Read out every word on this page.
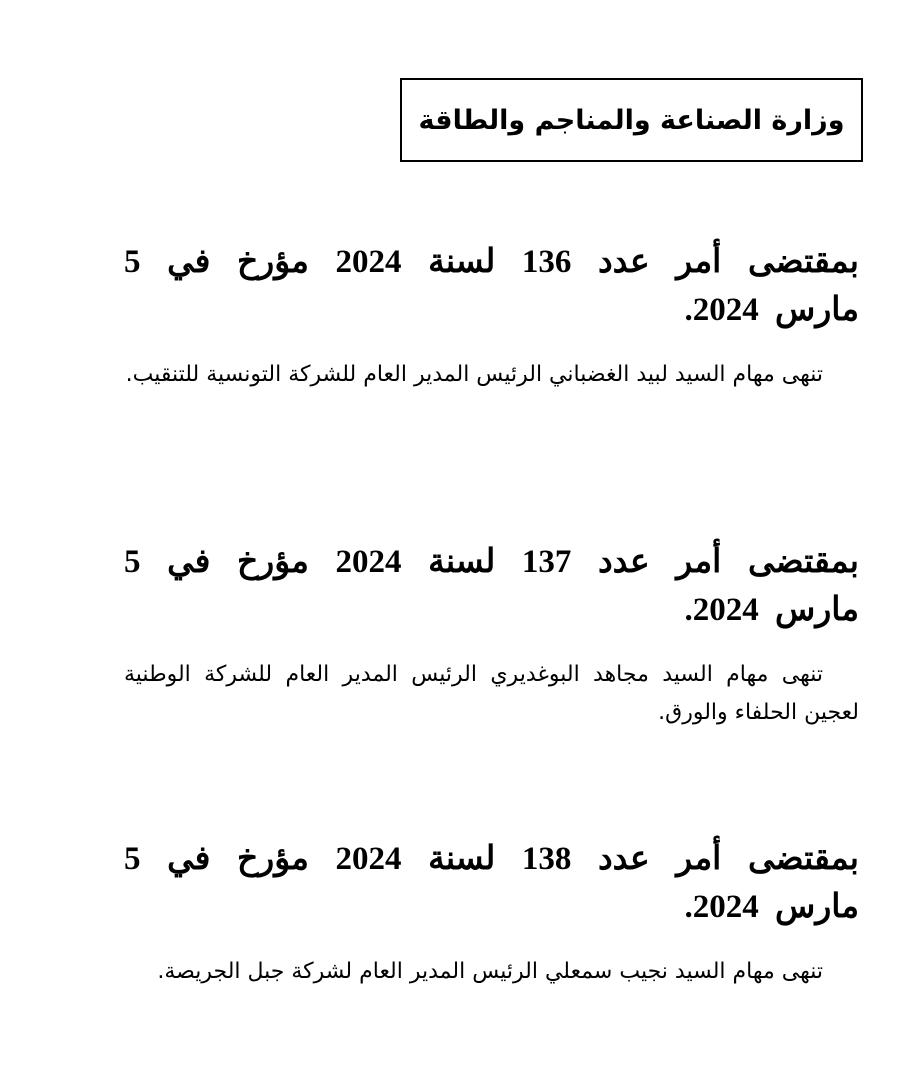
وزارة الصناعة والمناجم والطاقة
بمقتضى أمر عدد 136 لسنة 2024 مؤرخ في 5 مارس 2024.

تنهى مهام السيد لبيد الغضباني الرئيس المدير العام للشركة التونسية للتنقيب.

بمقتضى أمر عدد 137 لسنة 2024 مؤرخ في 5 مارس 2024.

تنهى مهام السيد مجاهد البوغديري الرئيس المدير العام للشركة الوطنية لعجين الحلفاء والورق.

بمقتضى أمر عدد 138 لسنة 2024 مؤرخ في 5 مارس 2024.

تنهى مهام السيد نجيب سمعلي الرئيس المدير العام لشركة جبل الجريصة.
